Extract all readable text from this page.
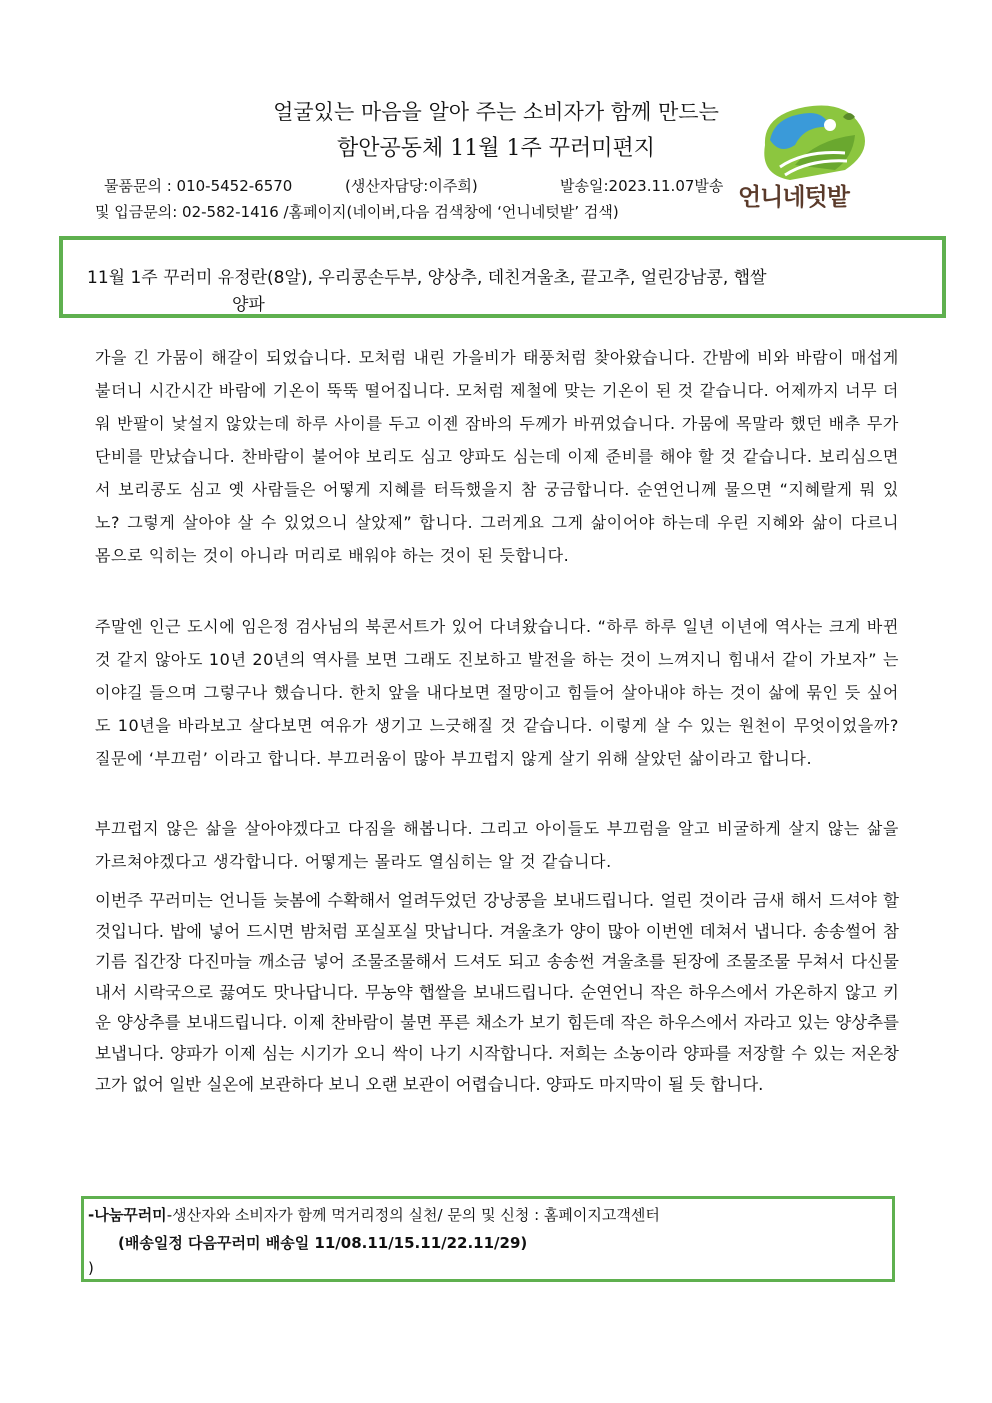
얼굴있는 마음을 알아 주는 소비자가 함께 만드는
함안공동체 11월 1주 꾸러미편지
물품문의 : 010-5452-6570	(생산자담당:이주희)	발송일:2023.11.07발송
및 입금문의: 02-582-1416 /홈페이지(네이버,다음 검색창에 ‘언니네텃밭’ 검색)
언니네텃밭
11월 1주 꾸러미 유정란(8알), 우리콩손두부, 양상추, 데친겨울초, 끝고추, 얼린강남콩, 햅쌀
양파
가을 긴 가뭄이 해갈이 되었습니다. 모처럼 내린 가을비가 태풍처럼 찾아왔습니다. 간밤에 비와 바람이 매섭게 불더니 시간시간 바람에 기온이 뚝뚝 떨어집니다. 모처럼 제철에 맞는 기온이 된 것 같습니다. 어제까지 너무 더워 반팔이 낯설지 않았는데 하루 사이를 두고 이젠 잠바의 두께가 바뀌었습니다. 가뭄에 목말라 했던 배추 무가 단비를 만났습니다. 찬바람이 불어야 보리도 심고 양파도 심는데 이제 준비를 해야 할 것 같습니다. 보리심으면서 보리콩도 심고 옛 사람들은 어떻게 지혜를 터득했을지 참 궁금합니다. 순연언니께 물으면 “지혜랄게 뭐 있노? 그렇게 살아야 살 수 있었으니 살았제” 합니다. 그러게요 그게 삶이어야 하는데 우린 지혜와 삶이 다르니 몸으로 익히는 것이 아니라 머리로 배워야 하는 것이 된 듯합니다.
주말엔 인근 도시에 임은정 검사님의 북콘서트가 있어 다녀왔습니다. “하루 하루 일년 이년에 역사는 크게 바뀐 것 같지 않아도 10년 20년의 역사를 보면 그래도 진보하고 발전을 하는 것이 느껴지니 힘내서 같이 가보자” 는 이야길 들으며 그렇구나 했습니다. 한치 앞을 내다보면 절망이고 힘들어 살아내야 하는 것이 삶에 묶인 듯 싶어도 10년을 바라보고 살다보면 여유가 생기고 느긋해질 것 같습니다. 이렇게 살 수 있는 원천이 무엇이었을까? 질문에 ‘부끄럼’ 이라고 합니다. 부끄러움이 많아 부끄럽지 않게 살기 위해 살았던 삶이라고 합니다.
부끄럽지 않은 삶을 살아야겠다고 다짐을 해봅니다. 그리고 아이들도 부끄럼을 알고 비굴하게 살지 않는 삶을 가르쳐야겠다고 생각합니다. 어떻게는 몰라도 열심히는 알 것 같습니다.
이번주 꾸러미는 언니들 늦봄에 수확해서 얼려두었던 강낭콩을 보내드립니다. 얼린 것이라 금새 해서 드셔야 할 것입니다. 밥에 넣어 드시면 밤처럼 포실포실 맛납니다. 겨울초가 양이 많아 이번엔 데쳐서 냅니다. 송송썰어 참기름 집간장 다진마늘 깨소금 넣어 조물조물해서 드셔도 되고 송송썬 겨울초를 된장에 조물조물 무쳐서 다신물 내서 시락국으로 끓여도 맛나답니다. 무농약 햅쌀을 보내드립니다. 순연언니 작은 하우스에서 가온하지 않고 키운 양상추를 보내드립니다. 이제 찬바람이 불면 푸른 채소가 보기 힘든데 작은 하우스에서 자라고 있는 양상추를 보냅니다. 양파가 이제 심는 시기가 오니 싹이 나기 시작합니다. 저희는 소농이라 양파를 저장할 수 있는 저온창고가 없어 일반 실온에 보관하다 보니 오랜 보관이 어렵습니다. 양파도 마지막이 될 듯 합니다.
-나눔꾸러미-생산자와 소비자가 함께 먹거리정의 실천/ 문의 및 신청 : 홈페이지고객센터
(배송일정 다음꾸러미 배송일 11/08.11/15.11/22.11/29)
)
